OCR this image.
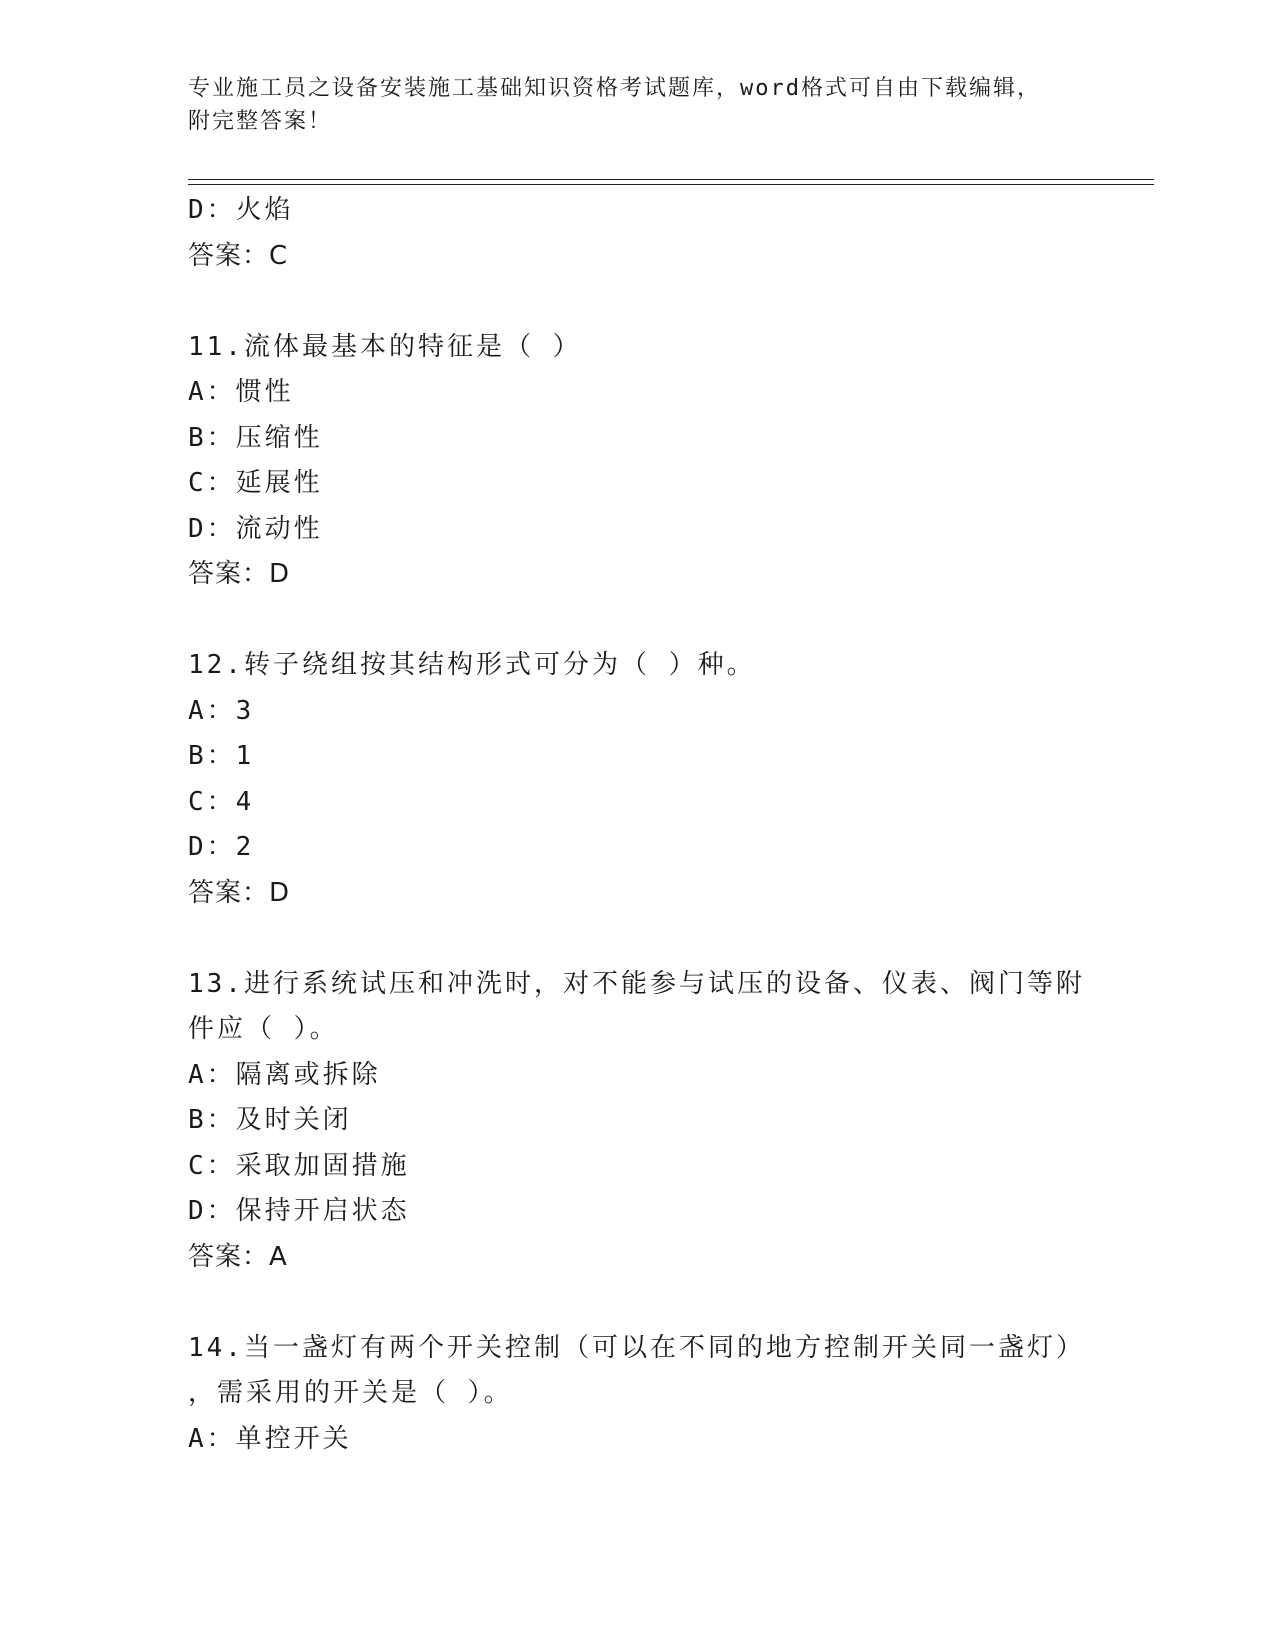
专业施工员之设备安装施工基础知识资格考试题库，word格式可自由下载编辑，
附完整答案！
D：火焰
答案：C
11.流体最基本的特征是（ ）
A：惯性
B：压缩性
C：延展性
D：流动性
答案：D
12.转子绕组按其结构形式可分为（ ）种。
A：3
B：1
C：4
D：2
答案：D
13.进行系统试压和冲洗时，对不能参与试压的设备、仪表、阀门等附
件应（ ）。
A：隔离或拆除
B：及时关闭
C：采取加固措施
D：保持开启状态
答案：A
14.当一盏灯有两个开关控制（可以在不同的地方控制开关同一盏灯）
，需采用的开关是（ ）。
A：单控开关
